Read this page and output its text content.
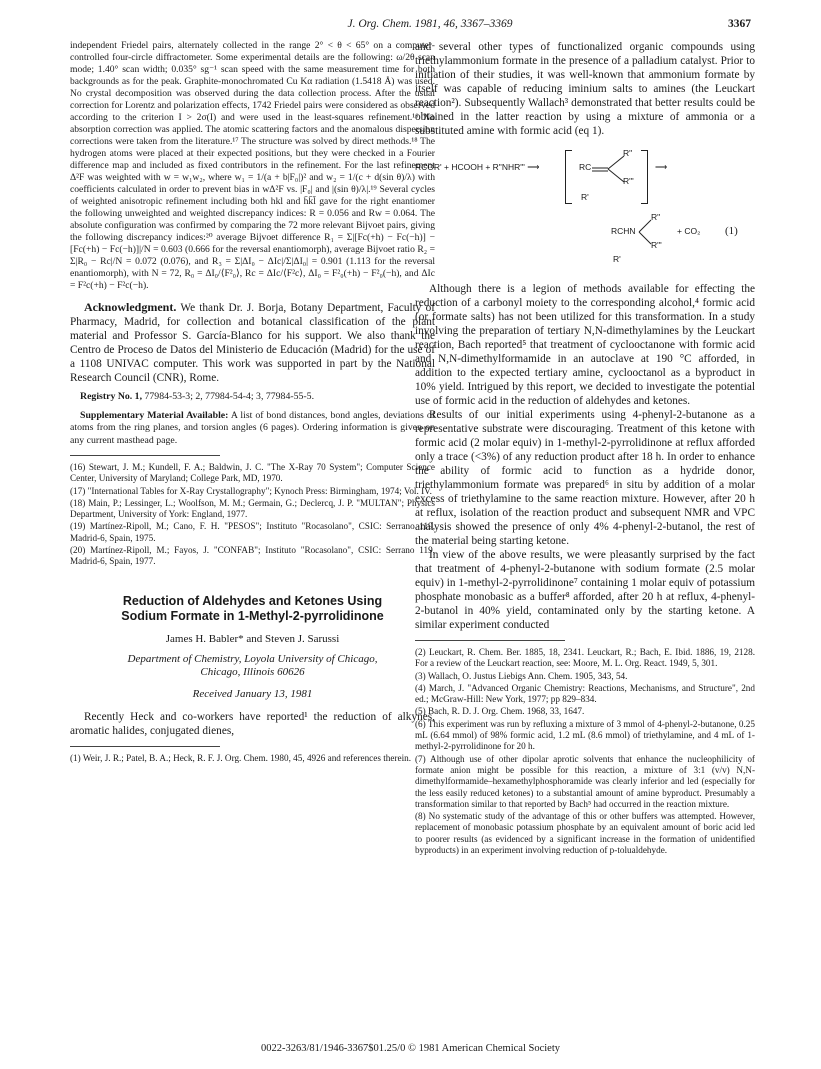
J. Org. Chem. 1981, 46, 3367–3369	3367

independent Friedel pairs, alternately collected in the range 2° < θ < 65° on a computer-controlled four-circle diffractometer. Some experimental details are the following: ω/2θ scan mode; 1.40° scan width; 0.035° sg⁻¹ scan speed with the same measurement time for both backgrounds as for the peak. Graphite-monochromated Cu Kα radiation (1.5418 Å) was used. No crystal decomposition was observed during the data collection process. After the usual correction for Lorentz and polarization effects, 1742 Friedel pairs were considered as observed according to the criterion I > 2σ(I) and were used in the least-squares refinement.¹⁶ No absorption correction was applied. The atomic scattering factors and the anomalous dispersion corrections were taken from the literature.¹⁷ The structure was solved by direct methods.¹⁸ The hydrogen atoms were placed at their expected positions, but they were checked in a Fourier difference map and included as fixed contributors in the refinement. For the last refinement Δ²F was weighted with w = w₁w₂, where w₁ = 1/(a + b|F₀|)² and w₂ = 1/(c + d(sin θ)/λ) with coefficients calculated in order to prevent bias in wΔ²F vs. |F₀| and |(sin θ)/λ|.¹⁹ Several cycles of weighted anisotropic refinement including both hkl and h̄k̄l̄ gave for the right enantiomer the following unweighted and weighted discrepancy indices: R = 0.056 and Rw = 0.064. The absolute configuration was confirmed by comparing the 72 more relevant Bijvoet pairs, giving the following discrepancy indices:²⁰ average Bijvoet difference R₁ = Σ|[Fc(+h) − Fc(−h)] − [Fc(+h) − Fc(−h)]|/N = 0.603 (0.666 for the reversal enantiomorph), average Bijvoet ratio R₂ = Σ|R₀ − Rc|/N = 0.072 (0.076), and R₃ = Σ|ΔI₀ − ΔIc|/Σ|ΔI₀| = 0.901 (1.113 for the reversal enantiomorph), with N = 72, R₀ = ΔI₀/⟨F²₀⟩, Rc = ΔIc/⟨F²c⟩, ΔI₀ = F²₀(+h) − F²₀(−h), and ΔIc = F²c(+h) − F²c(−h).

Acknowledgment. We thank Dr. J. Borja, Botany Department, Faculty of Pharmacy, Madrid, for collection and botanical classification of the plant material and Professor S. García-Blanco for his support. We also thank the Centro de Proceso de Datos del Ministerio de Educación (Madrid) for the use of a 1108 UNIVAC computer. This work was supported in part by the National Research Council (CNR), Rome.

Registry No. 1, 77984-53-3; 2, 77984-54-4; 3, 77984-55-5.

Supplementary Material Available: A list of bond distances, bond angles, deviations of atoms from the ring planes, and torsion angles (6 pages). Ordering information is given on any current masthead page.

(16) Stewart, J. M.; Kundell, F. A.; Baldwin, J. C. "The X-Ray 70 System"; Computer Science Center, University of Maryland; College Park, MD, 1970.

(17) "International Tables for X-Ray Crystallography"; Kynoch Press: Birmingham, 1974; Vol. IV.

(18) Main, P.; Lessinger, L.; Woolfson, M. M.; Germain, G.; Declercq, J. P. "MULTAN"; Physics Department, University of York: England, 1977.

(19) Martínez-Ripoll, M.; Cano, F. H. "PESOS"; Instituto "Rocasolano", CSIC: Serrano 119, Madrid-6, Spain, 1975.

(20) Martínez-Ripoll, M.; Fayos, J. "CONFAB"; Instituto "Rocasolano", CSIC: Serrano 119, Madrid-6, Spain, 1977.

Reduction of Aldehydes and Ketones Using
Sodium Formate in 1-Methyl-2-pyrrolidinone
James H. Babler* and Steven J. Sarussi
Department of Chemistry, Loyola University of Chicago,
Chicago, Illinois 60626
Received January 13, 1981

Recently Heck and co-workers have reported¹ the reduction of alkynes, aromatic halides, conjugated dienes,

(1) Weir, J. R.; Patel, B. A.; Heck, R. F. J. Org. Chem. 1980, 45, 4926 and references therein.

and several other types of functionalized organic compounds using triethylammonium formate in the presence of a palladium catalyst. Prior to initiation of their studies, it was well-known that ammonium formate by itself was capable of reducing iminium salts to amines (the Leuckart reaction²). Subsequently Wallach³ demonstrated that better results could be obtained in the latter reaction by using a mixture of ammonia or a substituted amine with formic acid (eq 1).

RCOR' + HCOOH + R"NHR"' ⟶	RC
R"
R"'
R'
⟶
RCHN
R"
R"'
R'
+ CO₂ (1)

Although there is a legion of methods available for effecting the reduction of a carbonyl moiety to the corresponding alcohol,⁴ formic acid (or formate salts) has not been utilized for this transformation. In a study involving the preparation of tertiary N,N-dimethylamines by the Leuckart reaction, Bach reported⁵ that treatment of cyclooctanone with formic acid and N,N-dimethylformamide in an autoclave at 190 °C afforded, in addition to the expected tertiary amine, cyclooctanol as a byproduct in 10% yield. Intrigued by this report, we decided to investigate the potential use of formic acid in the reduction of aldehydes and ketones.

Results of our initial experiments using 4-phenyl-2-butanone as a representative substrate were discouraging. Treatment of this ketone with formic acid (2 molar equiv) in 1-methyl-2-pyrrolidinone at reflux afforded only a trace (<3%) of any reduction product after 18 h. In order to enhance the ability of formic acid to function as a hydride donor, triethylammonium formate was prepared⁶ in situ by addition of a molar excess of triethylamine to the same reaction mixture. However, after 20 h at reflux, isolation of the reaction product and subsequent NMR and VPC analysis showed the presence of only 4% 4-phenyl-2-butanol, the rest of the material being starting ketone.

In view of the above results, we were pleasantly surprised by the fact that treatment of 4-phenyl-2-butanone with sodium formate (2.5 molar equiv) in 1-methyl-2-pyrrolidinone⁷ containing 1 molar equiv of potassium phosphate monobasic as a buffer⁸ afforded, after 20 h at reflux, 4-phenyl-2-butanol in 40% yield, contaminated only by the starting ketone. A similar experiment conducted

(2) Leuckart, R. Chem. Ber. 1885, 18, 2341. Leuckart, R.; Bach, E. Ibid. 1886, 19, 2128. For a review of the Leuckart reaction, see: Moore, M. L. Org. React. 1949, 5, 301.

(3) Wallach, O. Justus Liebigs Ann. Chem. 1905, 343, 54.

(4) March, J. "Advanced Organic Chemistry: Reactions, Mechanisms, and Structure", 2nd ed.; McGraw-Hill: New York, 1977; pp 829–834.

(5) Bach, R. D. J. Org. Chem. 1968, 33, 1647.

(6) This experiment was run by refluxing a mixture of 3 mmol of 4-phenyl-2-butanone, 0.25 mL (6.64 mmol) of 98% formic acid, 1.2 mL (8.6 mmol) of triethylamine, and 4 mL of 1-methyl-2-pyrrolidinone for 20 h.

(7) Although use of other dipolar aprotic solvents that enhance the nucleophilicity of formate anion might be possible for this reaction, a mixture of 3:1 (v/v) N,N-dimethylformamide–hexamethylphosphoramide was clearly inferior and led (especially for the less easily reduced ketones) to a substantial amount of amine byproduct. Presumably a transformation similar to that reported by Bach⁵ had occurred in the reaction mixture.

(8) No systematic study of the advantage of this or other buffers was attempted. However, replacement of monobasic potassium phosphate by an equivalent amount of boric acid led to poorer results (as evidenced by a significant increase in the formation of unidentified byproducts) in an experiment involving reduction of p-tolualdehyde.

0022-3263/81/1946-3367$01.25/0 © 1981 American Chemical Society
